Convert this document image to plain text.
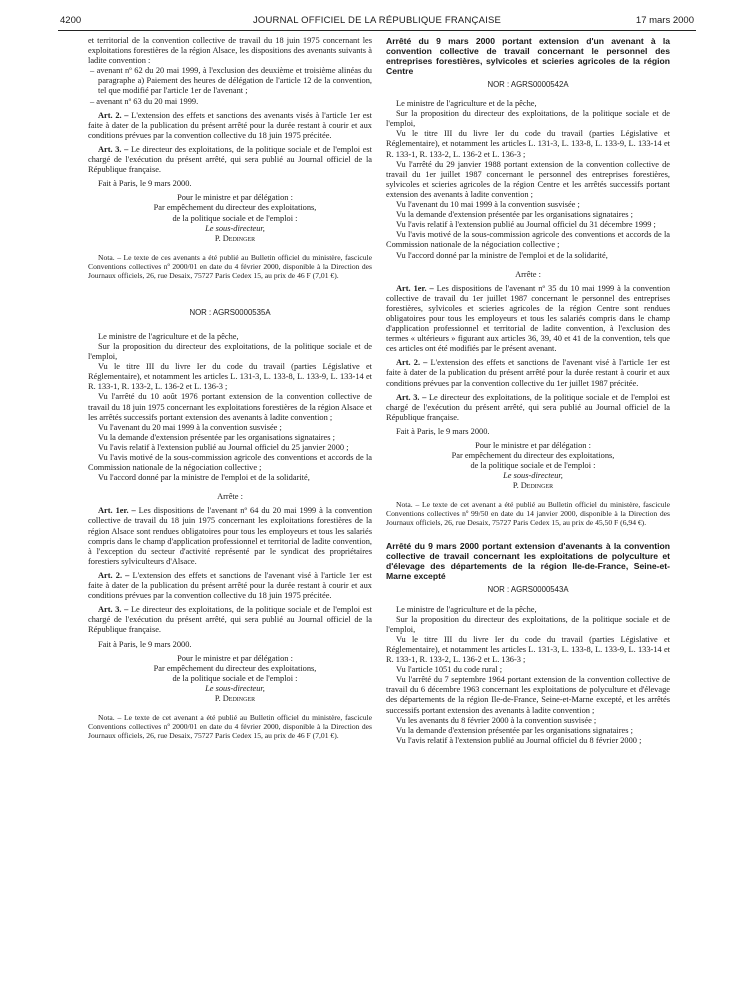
4200	JOURNAL OFFICIEL DE LA RÉPUBLIQUE FRANÇAISE	17 mars 2000

et territorial de la convention collective de travail du 18 juin 1975 concernant les exploitations forestières de la région Alsace, les dispositions des avenants suivants à ladite convention :

– avenant nº 62 du 20 mai 1999, à l'exclusion des deuxième et troisième alinéas du paragraphe a) Paiement des heures de délégation de l'article 12 de la convention, tel que modifié par l'article 1er de l'avenant ;

– avenant nº 63 du 20 mai 1999.

Art. 2. – L'extension des effets et sanctions des avenants visés à l'article 1er est faite à dater de la publication du présent arrêté pour la durée restant à courir et aux conditions prévues par la convention collective du 18 juin 1975 précitée.

Art. 3. – Le directeur des exploitations, de la politique sociale et de l'emploi est chargé de l'exécution du présent arrêté, qui sera publié au Journal officiel de la République française.

Fait à Paris, le 9 mars 2000.

Pour le ministre et par délégation :
Par empêchement du directeur des exploitations,
de la politique sociale et de l'emploi :
Le sous-directeur,
P. Dedinger

Nota. – Le texte de ces avenants a été publié au Bulletin officiel du ministère, fascicule Conventions collectives nº 2000/01 en date du 4 février 2000, disponible à la Direction des Journaux officiels, 26, rue Desaix, 75727 Paris Cedex 15, au prix de 46 F (7,01 €).

NOR : AGRS0000535A

Le ministre de l'agriculture et de la pêche,

Sur la proposition du directeur des exploitations, de la politique sociale et de l'emploi,

Vu le titre III du livre Ier du code du travail (parties Législative et Réglementaire), et notamment les articles L. 131-3, L. 133-8, L. 133-9, L. 133-14 et R. 133-1, R. 133-2, L. 136-2 et L. 136-3 ;

Vu l'arrêté du 10 août 1976 portant extension de la convention collective de travail du 18 juin 1975 concernant les exploitations forestières de la région Alsace et les arrêtés successifs portant extension des avenants à ladite convention ;

Vu l'avenant du 20 mai 1999 à la convention susvisée ;

Vu la demande d'extension présentée par les organisations signataires ;

Vu l'avis relatif à l'extension publié au Journal officiel du 25 janvier 2000 ;

Vu l'avis motivé de la sous-commission agricole des conventions et accords de la Commission nationale de la négociation collective ;

Vu l'accord donné par la ministre de l'emploi et de la solidarité,

Arrête :

Art. 1er. – Les dispositions de l'avenant nº 64 du 20 mai 1999 à la convention collective de travail du 18 juin 1975 concernant les exploitations forestières de la région Alsace sont rendues obligatoires pour tous les employeurs et tous les salariés compris dans le champ d'application professionnel et territorial de ladite convention, à l'exception du secteur d'activité représenté par le syndicat des propriétaires forestiers sylviculteurs d'Alsace.

Art. 2. – L'extension des effets et sanctions de l'avenant visé à l'article 1er est faite à dater de la publication du présent arrêté pour la durée restant à courir et aux conditions prévues par la convention collective du 18 juin 1975 précitée.

Art. 3. – Le directeur des exploitations, de la politique sociale et de l'emploi est chargé de l'exécution du présent arrêté, qui sera publié au Journal officiel de la République française.

Fait à Paris, le 9 mars 2000.

Pour le ministre et par délégation :
Par empêchement du directeur des exploitations,
de la politique sociale et de l'emploi :
Le sous-directeur,
P. Dedinger

Nota. – Le texte de cet avenant a été publié au Bulletin officiel du ministère, fascicule Conventions collectives nº 2000/01 en date du 4 février 2000, disponible à la Direction des Journaux officiels, 26, rue Desaix, 75727 Paris Cedex 15, au prix de 46 F (7,01 €).

Arrêté du 9 mars 2000 portant extension d'un avenant à la convention collective de travail concernant le personnel des entreprises forestières, sylvicoles et scieries agricoles de la région Centre

NOR : AGRS0000542A

Le ministre de l'agriculture et de la pêche,

Sur la proposition du directeur des exploitations, de la politique sociale et de l'emploi,

Vu le titre III du livre Ier du code du travail (parties Législative et Réglementaire), et notamment les articles L. 131-3, L. 133-8, L. 133-9, L. 133-14 et R. 133-1, R. 133-2, L. 136-2 et L. 136-3 ;

Vu l'arrêté du 29 janvier 1988 portant extension de la convention collective de travail du 1er juillet 1987 concernant le personnel des entreprises forestières, sylvicoles et scieries agricoles de la région Centre et les arrêtés successifs portant extension des avenants à ladite convention ;

Vu l'avenant du 10 mai 1999 à la convention susvisée ;

Vu la demande d'extension présentée par les organisations signataires ;

Vu l'avis relatif à l'extension publié au Journal officiel du 31 décembre 1999 ;

Vu l'avis motivé de la sous-commission agricole des conventions et accords de la Commission nationale de la négociation collective ;

Vu l'accord donné par la ministre de l'emploi et de la solidarité,

Arrête :

Art. 1er. – Les dispositions de l'avenant nº 35 du 10 mai 1999 à la convention collective de travail du 1er juillet 1987 concernant le personnel des entreprises forestières, sylvicoles et scieries agricoles de la région Centre sont rendues obligatoires pour tous les employeurs et tous les salariés compris dans le champ d'application professionnel et territorial de ladite convention, à l'exclusion des termes « ultérieurs » figurant aux articles 36, 39, 40 et 41 de la convention, tels que ces articles ont été modifiés par le présent avenant.

Art. 2. – L'extension des effets et sanctions de l'avenant visé à l'article 1er est faite à dater de la publication du présent arrêté pour la durée restant à courir et aux conditions prévues par la convention collective du 1er juillet 1987 précitée.

Art. 3. – Le directeur des exploitations, de la politique sociale et de l'emploi est chargé de l'exécution du présent arrêté, qui sera publié au Journal officiel de la République française.

Fait à Paris, le 9 mars 2000.

Pour le ministre et par délégation :
Par empêchement du directeur des exploitations,
de la politique sociale et de l'emploi :
Le sous-directeur,
P. Dedinger

Nota. – Le texte de cet avenant a été publié au Bulletin officiel du ministère, fascicule Conventions collectives nº 99/50 en date du 14 janvier 2000, disponible à la Direction des Journaux officiels, 26, rue Desaix, 75727 Paris Cedex 15, au prix de 45,50 F (6,94 €).

Arrêté du 9 mars 2000 portant extension d'avenants à la convention collective de travail concernant les exploitations de polyculture et d'élevage des départements de la région Ile-de-France, Seine-et-Marne excepté

NOR : AGRS0000543A

Le ministre de l'agriculture et de la pêche,

Sur la proposition du directeur des exploitations, de la politique sociale et de l'emploi,

Vu le titre III du livre Ier du code du travail (parties Législative et Réglementaire), et notamment les articles L. 131-3, L. 133-8, L. 133-9, L. 133-14 et R. 133-1, R. 133-2, L. 136-2 et L. 136-3 ;

Vu l'article 1051 du code rural ;

Vu l'arrêté du 7 septembre 1964 portant extension de la convention collective de travail du 6 décembre 1963 concernant les exploitations de polyculture et d'élevage des départements de la région Ile-de-France, Seine-et-Marne excepté, et les arrêtés successifs portant extension des avenants à ladite convention ;

Vu les avenants du 8 février 2000 à la convention susvisée ;

Vu la demande d'extension présentée par les organisations signataires ;

Vu l'avis relatif à l'extension publié au Journal officiel du 8 février 2000 ;
